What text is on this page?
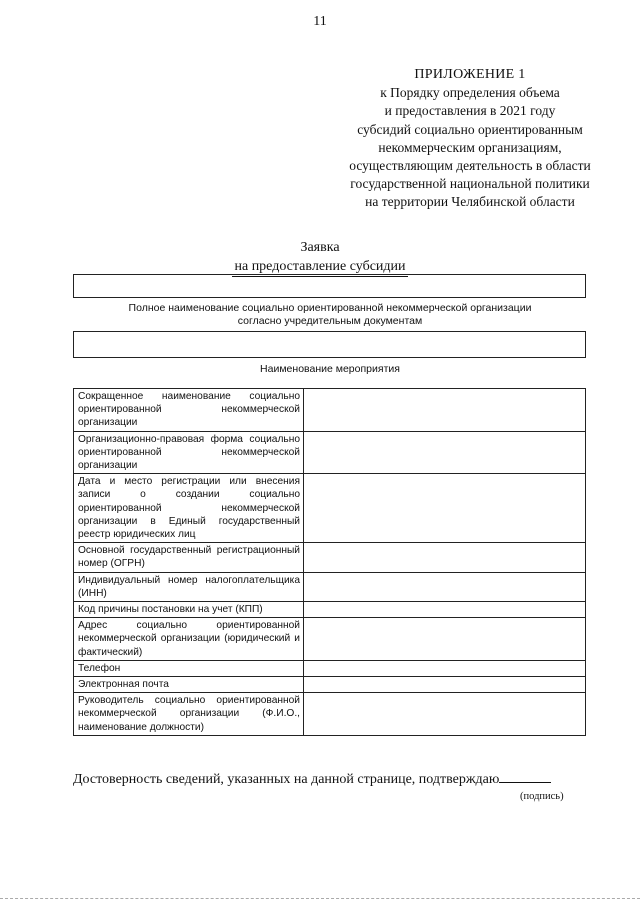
11
ПРИЛОЖЕНИЕ 1
к Порядку определения объема
и предоставления в 2021 году
субсидий социально ориентированным
некоммерческим организациям,
осуществляющим деятельность в области
государственной национальной политики
на территории Челябинской области
Заявка
на предоставление субсидии
Полное наименование социально ориентированной некоммерческой организации
согласно учредительным документам
Наименование мероприятия
Сокращенное наименование социально ориентированной некоммерческой организации	
Организационно-правовая форма социально ориентированной некоммерческой организации	
Дата и место регистрации или внесения записи о создании социально ориентированной некоммерческой организации в Единый государственный реестр юридических лиц	
Основной государственный регистрационный номер (ОГРН)	
Индивидуальный номер налогоплательщика (ИНН)	
Код причины постановки на учет (КПП)	
Адрес социально ориентированной некоммерческой организации (юридический и фактический)	
Телефон	
Электронная почта	
Руководитель социально ориентированной некоммерческой организации (Ф.И.О., наименование должности)	
Достоверность сведений, указанных на данной странице, подтверждаю
(подпись)
